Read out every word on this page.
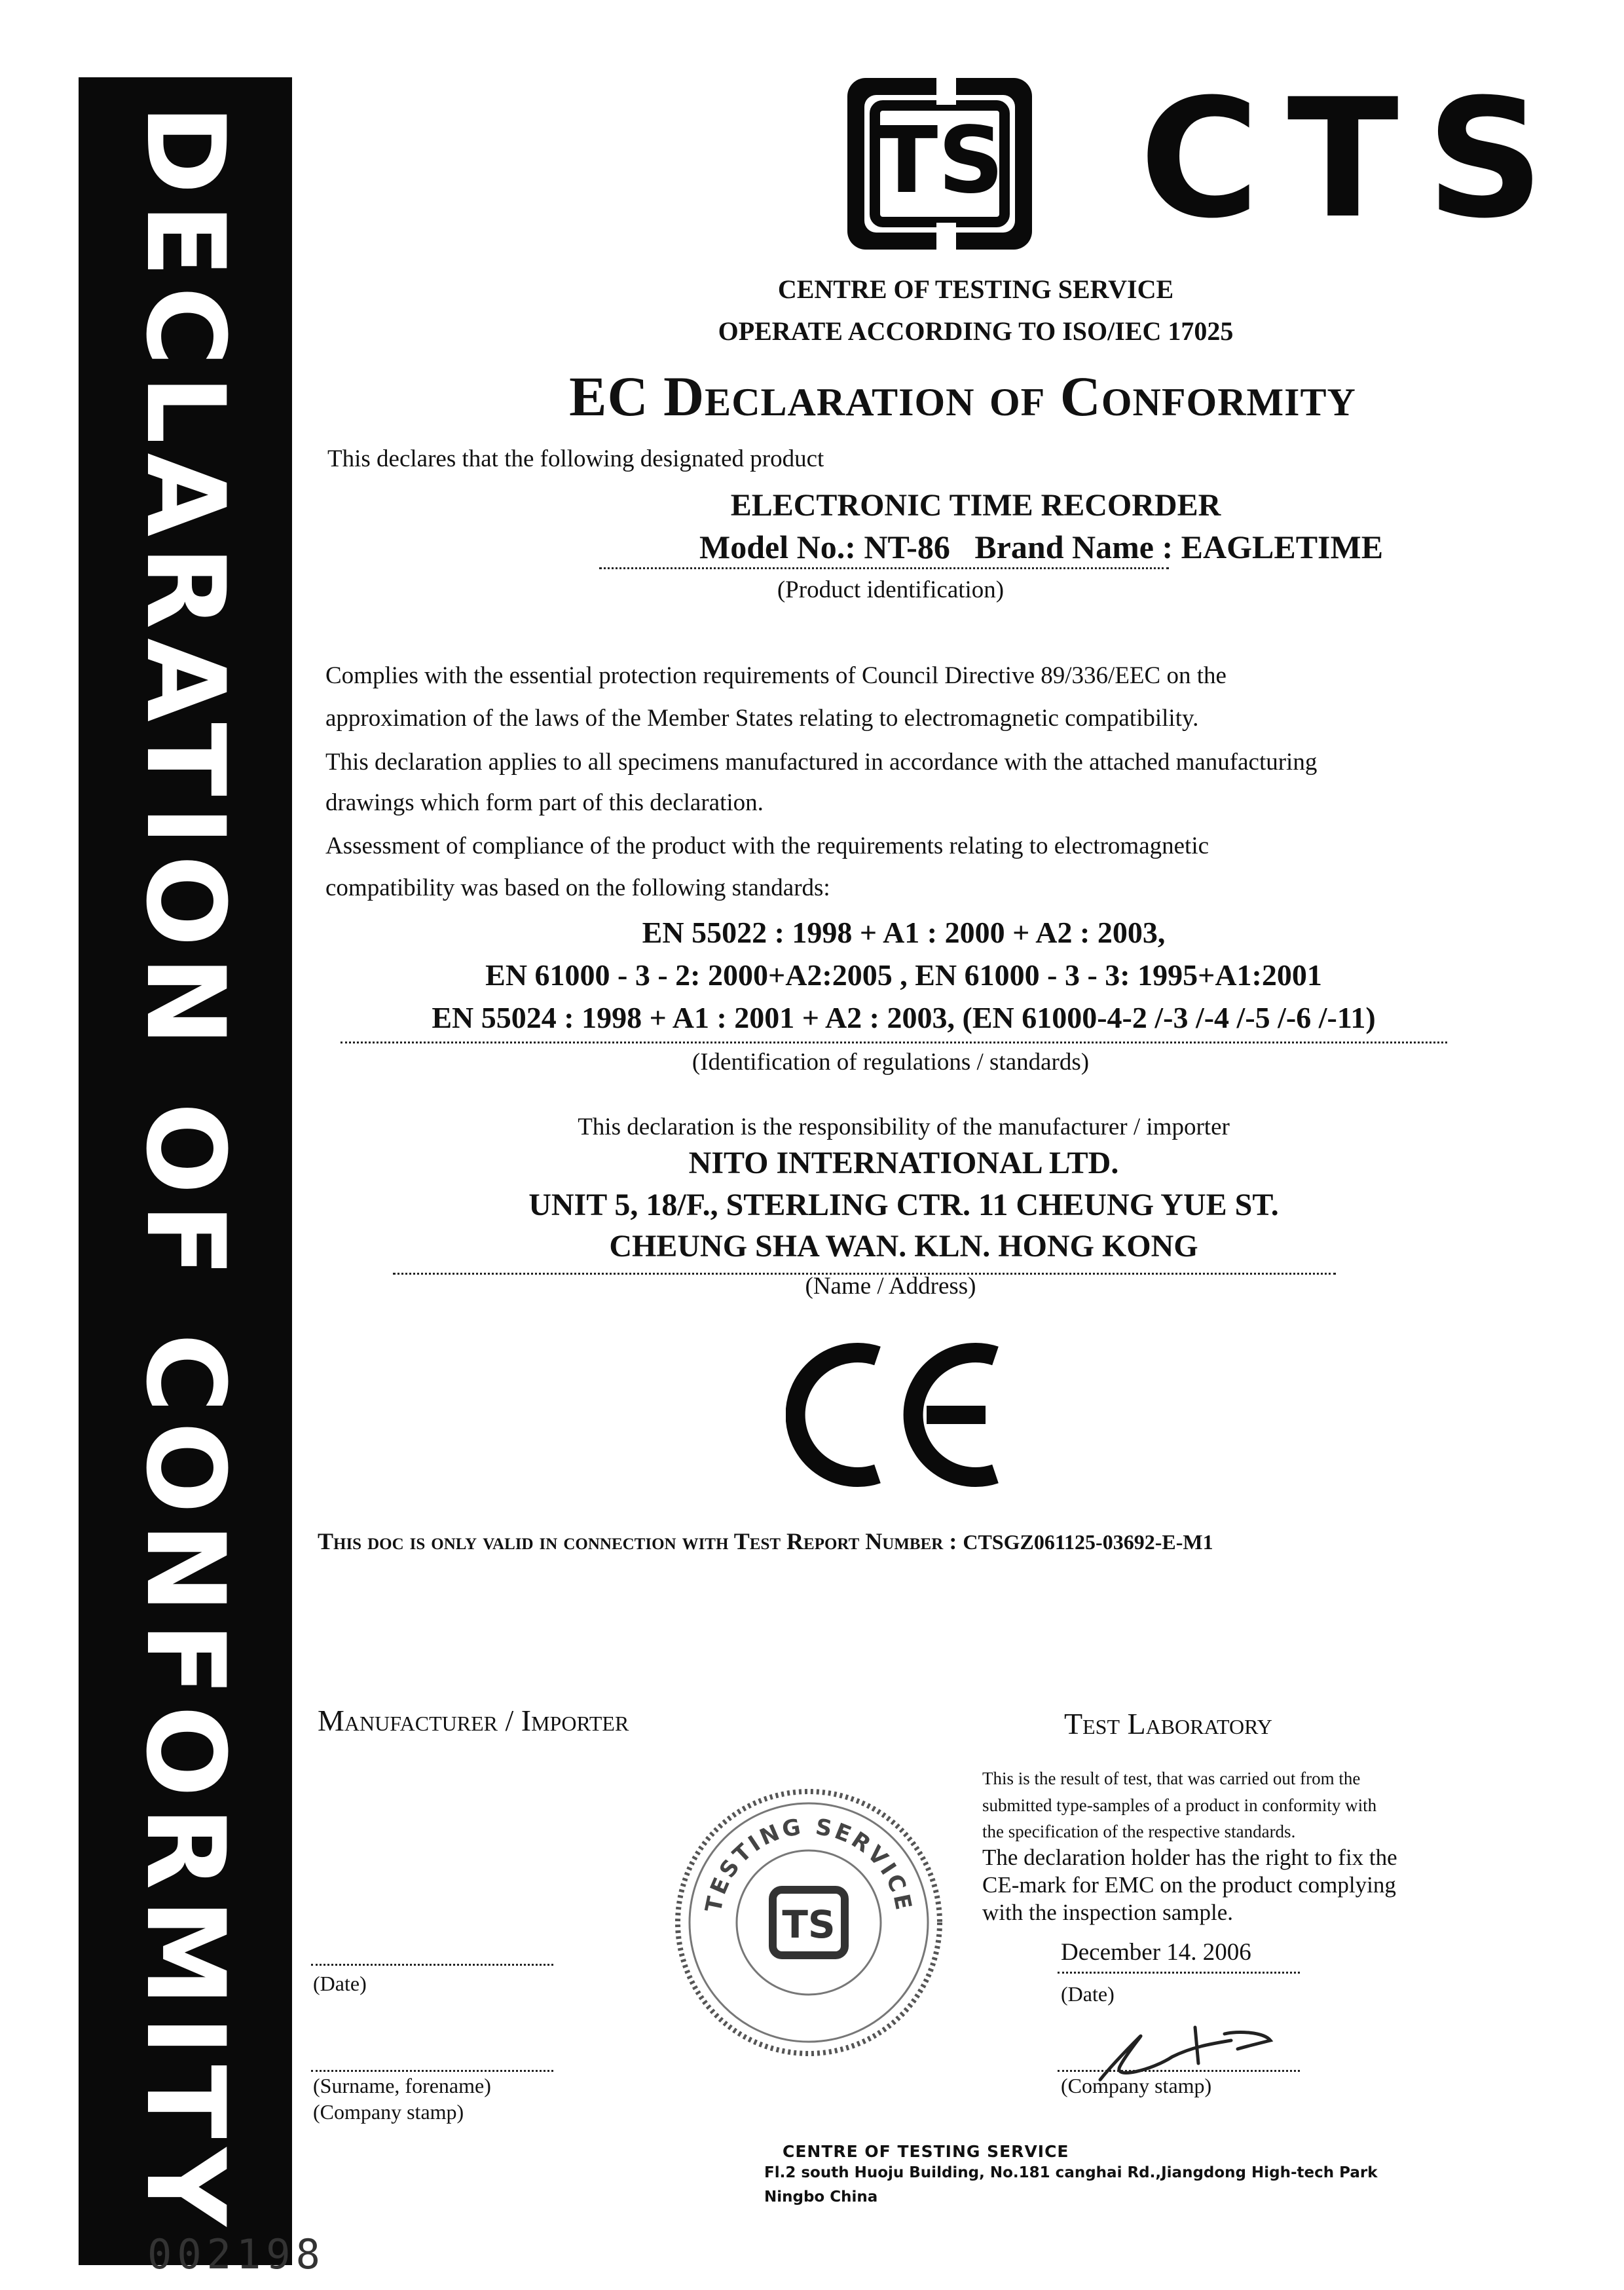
DECLARATION OF CONFORMITY	TS CTS
CENTRE OF TESTING SERVICE
OPERATE ACCORDING TO ISO/IEC 17025
EC Declaration of Conformity
This declares that the following designated product
ELECTRONIC TIME RECORDER
Model No.: NT-86 Brand Name : EAGLETIME
(Product identification)
Complies with the essential protection requirements of Council Directive 89/336/EEC on the
approximation of the laws of the Member States relating to electromagnetic compatibility.
This declaration applies to all specimens manufactured in accordance with the attached manufacturing
drawings which form part of this declaration.
Assessment of compliance of the product with the requirements relating to electromagnetic
compatibility was based on the following standards:
EN 55022 : 1998 + A1 : 2000 + A2 : 2003,
EN 61000 - 3 - 2: 2000+A2:2005 , EN 61000 - 3 - 3: 1995+A1:2001
EN 55024 : 1998 + A1 : 2001 + A2 : 2003, (EN 61000-4-2 /-3 /-4 /-5 /-6 /-11)
(Identification of regulations / standards)
This declaration is the responsibility of the manufacturer / importer
NITO INTERNATIONAL LTD.
UNIT 5, 18/F., STERLING CTR. 11 CHEUNG YUE ST.
CHEUNG SHA WAN. KLN. HONG KONG
(Name / Address)
CE
This doc is only valid in connection with Test Report Number : CTSGZ061125-03692-E-M1
Manufacturer / Importer
(Date)
(Surname, forename)
(Company stamp)
TESTING SERVICE
TS
Test Laboratory
This is the result of test, that was carried out from the
submitted type-samples of a product in conformity with
the specification of the respective standards.
The declaration holder has the right to fix the
CE-mark for EMC on the product complying
with the inspection sample.
December 14. 2006
(Date)
(Company stamp)
CENTRE OF TESTING SERVICE
Fl.2 south Huoju Building, No.181 canghai Rd.,Jiangdong High-tech Park
Ningbo China
002198
